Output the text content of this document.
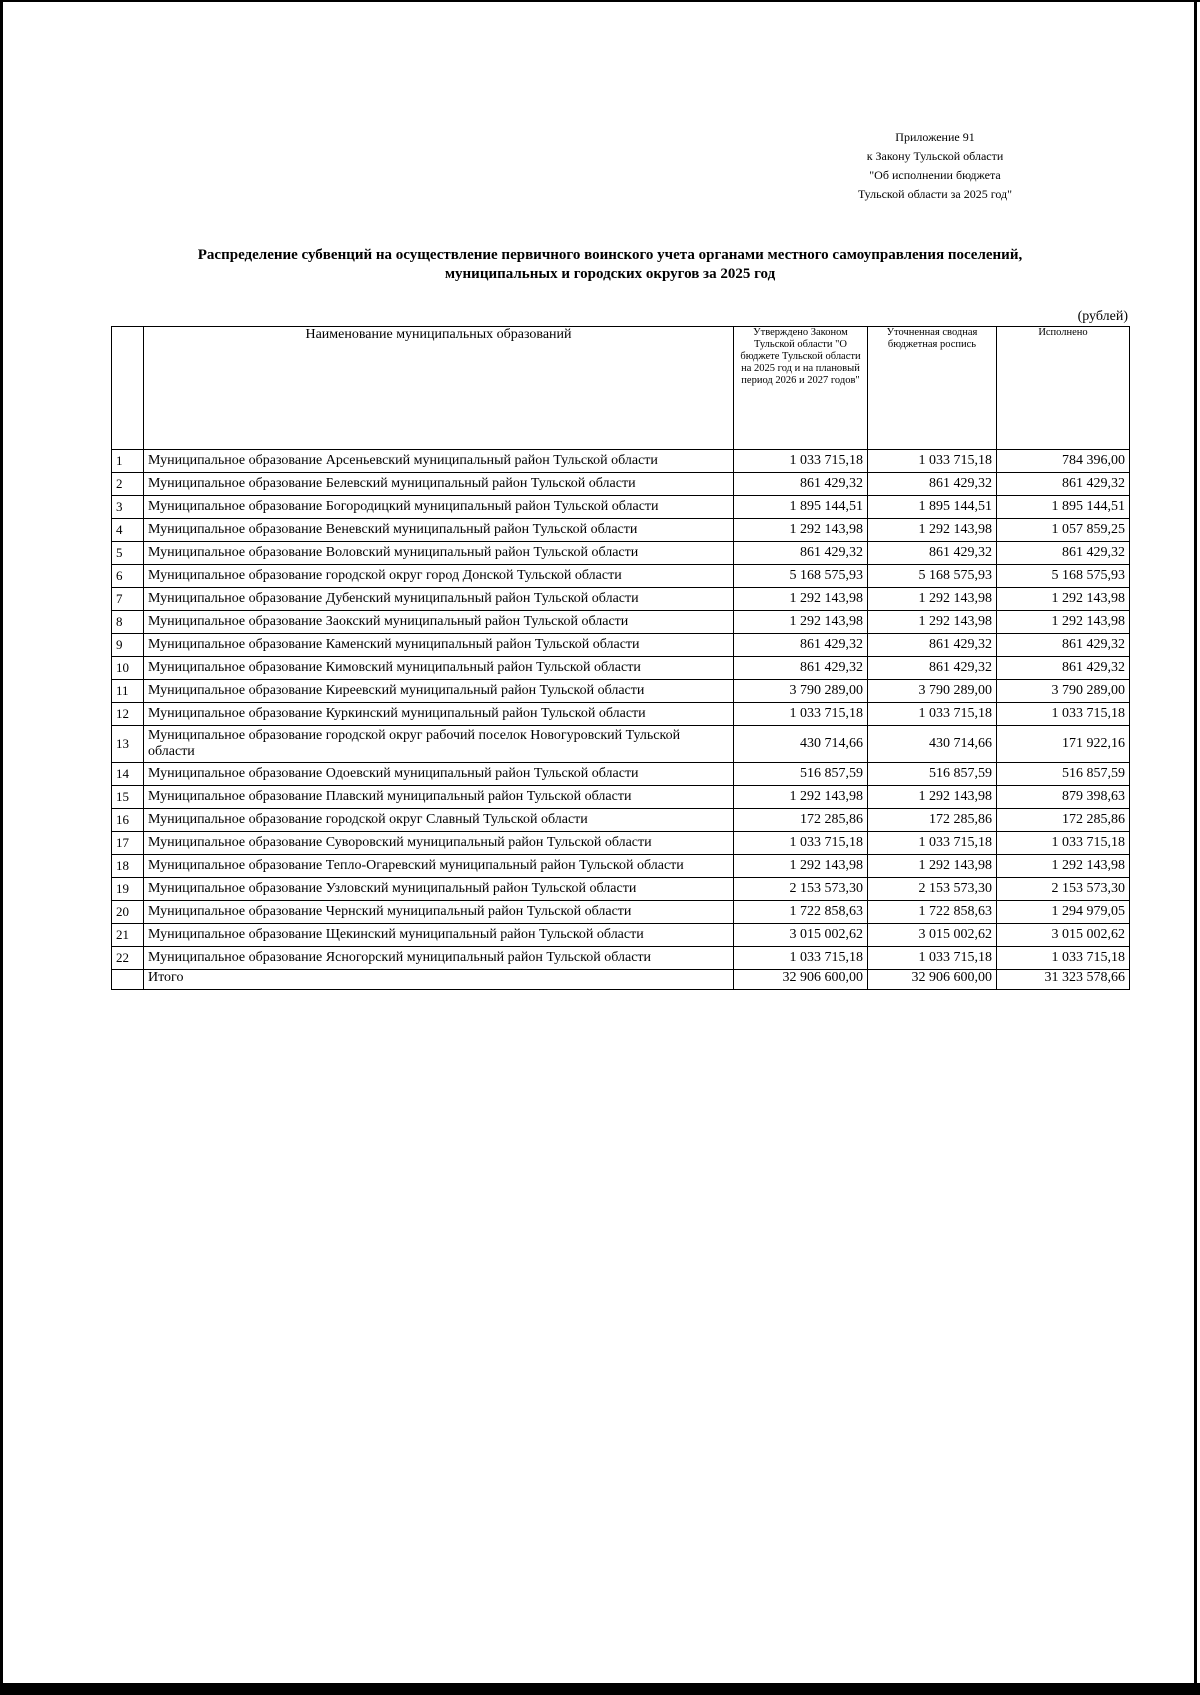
Приложение 91
к Закону Тульской области
"Об исполнении бюджета
Тульской области за 2025 год"
Распределение субвенций на осуществление первичного воинского учета органами местного самоуправления поселений,
муниципальных и городских округов за 2025 год
(рублей)
	Наименование муниципальных образований	Утверждено Законом Тульской области "О бюджете Тульской области на 2025 год и на плановый период 2026 и 2027 годов"	Уточненная сводная бюджетная роспись	Исполнено
1	Муниципальное образование Арсеньевский муниципальный район Тульской области	1 033 715,18	1 033 715,18	784 396,00
2	Муниципальное образование Белевский муниципальный район Тульской области	861 429,32	861 429,32	861 429,32
3	Муниципальное образование Богородицкий муниципальный район Тульской области	1 895 144,51	1 895 144,51	1 895 144,51
4	Муниципальное образование Веневский муниципальный район Тульской области	1 292 143,98	1 292 143,98	1 057 859,25
5	Муниципальное образование Воловский муниципальный район Тульской области	861 429,32	861 429,32	861 429,32
6	Муниципальное образование городской округ город Донской Тульской области	5 168 575,93	5 168 575,93	5 168 575,93
7	Муниципальное образование Дубенский муниципальный район Тульской области	1 292 143,98	1 292 143,98	1 292 143,98
8	Муниципальное образование Заокский муниципальный район Тульской области	1 292 143,98	1 292 143,98	1 292 143,98
9	Муниципальное образование Каменский муниципальный район Тульской области	861 429,32	861 429,32	861 429,32
10	Муниципальное образование Кимовский муниципальный район Тульской области	861 429,32	861 429,32	861 429,32
11	Муниципальное образование Киреевский муниципальный район Тульской области	3 790 289,00	3 790 289,00	3 790 289,00
12	Муниципальное образование Куркинский муниципальный район Тульской области	1 033 715,18	1 033 715,18	1 033 715,18
13	Муниципальное образование городской округ рабочий поселок Новогуровский Тульской области	430 714,66	430 714,66	171 922,16
14	Муниципальное образование Одоевский муниципальный район Тульской области	516 857,59	516 857,59	516 857,59
15	Муниципальное образование Плавский муниципальный район Тульской области	1 292 143,98	1 292 143,98	879 398,63
16	Муниципальное образование городской округ Славный Тульской области	172 285,86	172 285,86	172 285,86
17	Муниципальное образование Суворовский муниципальный район Тульской области	1 033 715,18	1 033 715,18	1 033 715,18
18	Муниципальное образование Тепло-Огаревский муниципальный район Тульской области	1 292 143,98	1 292 143,98	1 292 143,98
19	Муниципальное образование Узловский муниципальный район Тульской области	2 153 573,30	2 153 573,30	2 153 573,30
20	Муниципальное образование Чернский муниципальный район Тульской области	1 722 858,63	1 722 858,63	1 294 979,05
21	Муниципальное образование Щекинский муниципальный район Тульской области	3 015 002,62	3 015 002,62	3 015 002,62
22	Муниципальное образование Ясногорский муниципальный район Тульской области	1 033 715,18	1 033 715,18	1 033 715,18
	Итого	32 906 600,00	32 906 600,00	31 323 578,66
